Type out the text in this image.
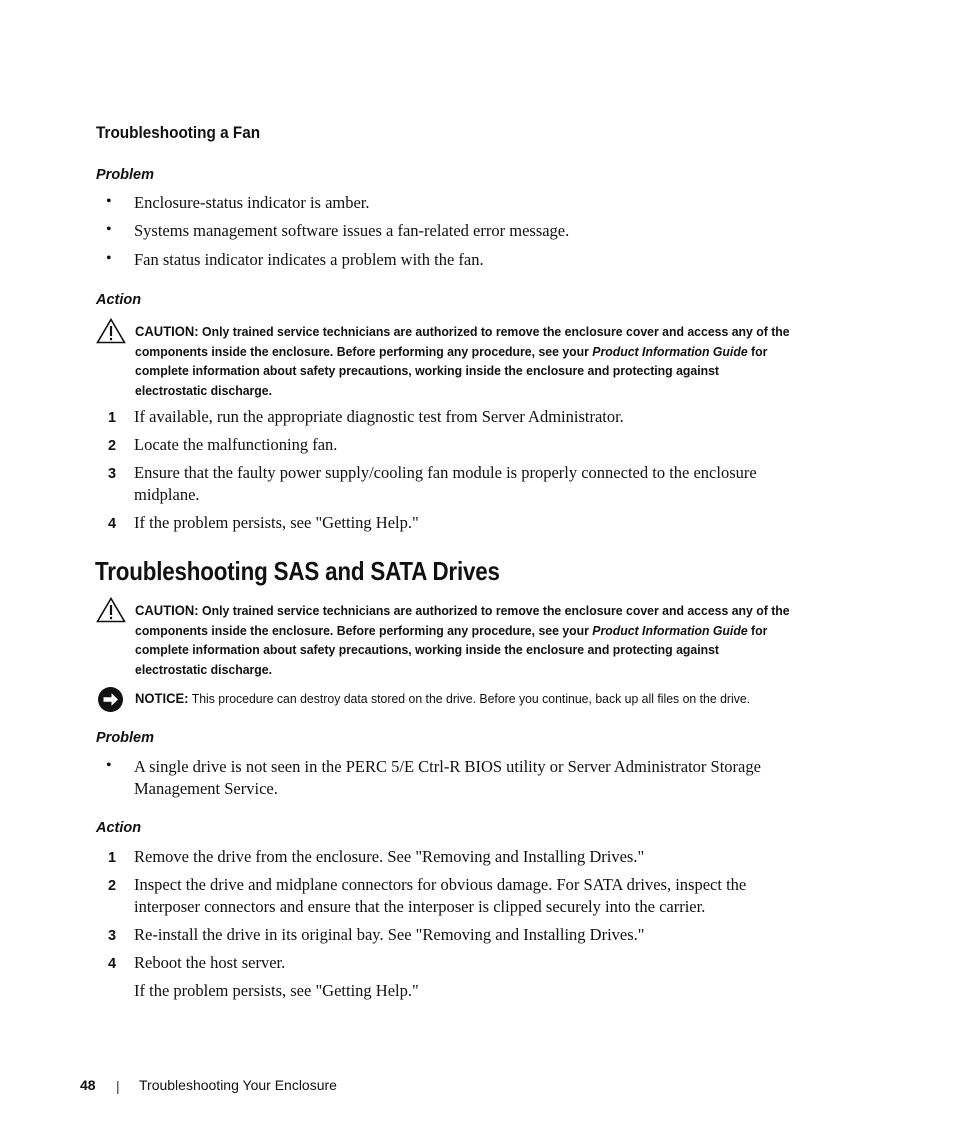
Troubleshooting a Fan
Problem
• Enclosure-status indicator is amber.
• Systems management software issues a fan-related error message.
• Fan status indicator indicates a problem with the fan.
Action
CAUTION: Only trained service technicians are authorized to remove the enclosure cover and access any of the
components inside the enclosure. Before performing any procedure, see your Product Information Guide for
complete information about safety precautions, working inside the enclosure and protecting against
electrostatic discharge.
1 If available, run the appropriate diagnostic test from Server Administrator.
2 Locate the malfunctioning fan.
3 Ensure that the faulty power supply/cooling fan module is properly connected to the enclosure
midplane.
4 If the problem persists, see "Getting Help."
Troubleshooting SAS and SATA Drives
CAUTION: Only trained service technicians are authorized to remove the enclosure cover and access any of the
components inside the enclosure. Before performing any procedure, see your Product Information Guide for
complete information about safety precautions, working inside the enclosure and protecting against
electrostatic discharge.
NOTICE: This procedure can destroy data stored on the drive. Before you continue, back up all files on the drive.
Problem
• A single drive is not seen in the PERC 5/E Ctrl-R BIOS utility or Server Administrator Storage
Management Service.
Action
1 Remove the drive from the enclosure. See "Removing and Installing Drives."
2 Inspect the drive and midplane connectors for obvious damage. For SATA drives, inspect the
interposer connectors and ensure that the interposer is clipped securely into the carrier.
3 Re-install the drive in its original bay. See "Removing and Installing Drives."
4 Reboot the host server.
If the problem persists, see "Getting Help."
48 | Troubleshooting Your Enclosure
